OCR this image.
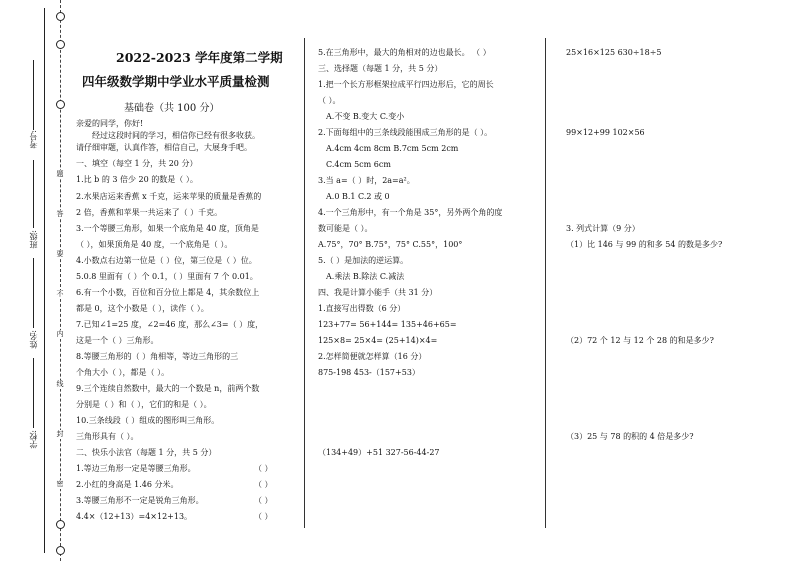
题
答
要
不
内
线
封
密
考号:
班级:
姓名:
学校:
2022-2023 学年度第二学期
四年级数学期中学业水平质量检测
基础卷（共 100 分）
亲爱的同学，你好!
经过这段时间的学习，相信你已经有很多收获。
请仔细审题，认真作答，相信自己，大展身手吧。
一、填空（每空 1 分，共 20 分）
1.比 b 的 3 倍少 20 的数是（ ）。
2.水果店运来香蕉 x 千克，运来苹果的质量是香蕉的
2 倍，香蕉和苹果一共运来了（ ）千克。
3.一个等腰三角形，如果一个底角是 40 度，顶角是
（ ），如果顶角是 40 度，一个底角是（ ）。
4.小数点右边第一位是（ ）位，第三位是（ ）位。
5.0.8 里面有（ ）个 0.1，（ ）里面有 7 个 0.01。
6.有一个小数，百位和百分位上都是 4，其余数位上
都是 0，这个小数是（ ），读作（ ）。
7.已知∠1=25 度，∠2=46 度，那么∠3=（ ）度，
这是一个（ ）三角形。
8.等腰三角形的（ ）角相等，等边三角形的三
个角大小（ ），都是（ ）。
9.三个连续自然数中，最大的一个数是 n，前两个数
分别是（ ）和（ ），它们的和是（ ）。
10.三条线段（ ）组成的图形叫三角形。
三角形具有（ ）。
二、快乐小法官（每题 1 分，共 5 分）
1.等边三角形一定是等腰三角形。	（ ）
2.小红的身高是 1.46 分米。	（ ）
3.等腰三角形不一定是锐角三角形。	（ ）
4.4×（12+13）=4×12+13。	（ ）
5.在三角形中，最大的角相对的边也最长。 （ ）
三、选择题（每题 1 分，共 5 分）
1.把一个长方形框架拉成平行四边形后，它的周长
（ ）。
A.不变 B.变大 C.变小
2.下面每组中的三条线段能围成三角形的是（ ）。
A.4cm 4cm 8cm B.7cm 5cm 2cm
C.4cm 5cm 6cm
3.当 a=（ ）时，2a=a²。
A.0 B.1 C.2 或 0
4.一个三角形中，有一个角是 35°，另外两个角的度
数可能是（ ）。
A.75°，70° B.75°，75° C.55°，100°
5.（ ）是加法的逆运算。
A.乘法 B.除法 C.减法
四、我是计算小能手（共 31 分）
1.直接写出得数（6 分）
123+77= 56+144= 135+46+65=
125×8= 25×4= (25+14)×4=
2.怎样简便就怎样算（16 分）
875-198 453-（157+53）
（134+49）+51 327-56-44-27
25×16×125 630÷18÷5
99×12+99 102×56
3. 列式计算（9 分）
（1）比 146 与 99 的和多 54 的数是多少?
（2）72 个 12 与 12 个 28 的和是多少?
（3）25 与 78 的积的 4 倍是多少?
